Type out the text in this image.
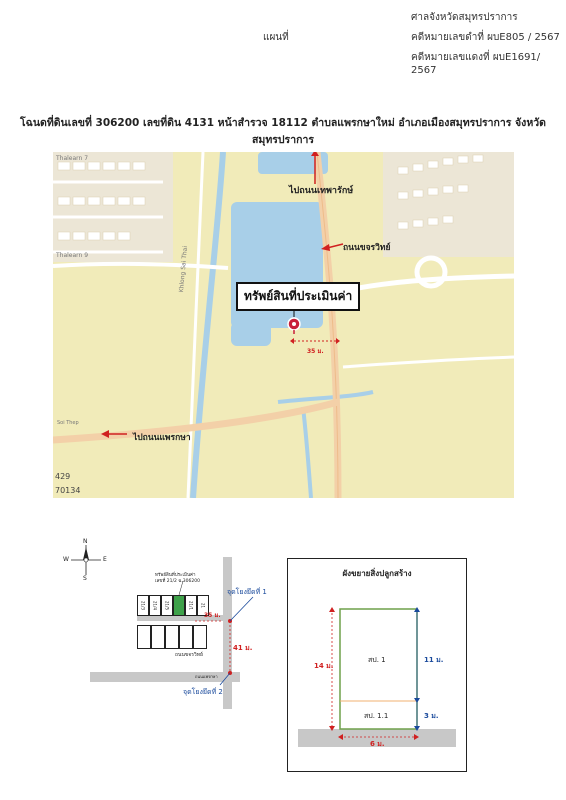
ศาลจังหวัดสมุทรปราการ
แผนที่	คดีหมายเลขดำที่ ผบE805 / 2567
คดีหมายเลขแดงที่ ผบE1691/ 2567
โฉนดที่ดินเลขที่ 306200 เลขที่ดิน 4131 หน้าสำรวจ 18112 ตำบลแพรกษาใหม่ อำเภอเมืองสมุทรปราการ จังหวัดสมุทรปราการ
ไปถนนเทพารักษ์
ถนนขจรวิทย์
ไปถนนแพรกษา
ทรัพย์สินที่ประเมินค่า
35 ม.
429
70134
Thalearn 7
Thalearn 9
Soi Thep
Khlong Sai Thai
N
S
W	E
ทรัพย์สินที่ประเมินค่า
เลขที่ 21/2 ฉ.306200
21/3	21/4	21/5	21/1	21
จุดโยงยึดที่ 1
จุดโยงยึดที่ 2
35 ม.
41 ม.
ถนนขจรวิทย์
ถนนแพรกษา
ผังขยายสิ่งปลูกสร้าง
สป. 1
สป. 1.1
14 ม.
11 ม.
3 ม.
6 ม.
